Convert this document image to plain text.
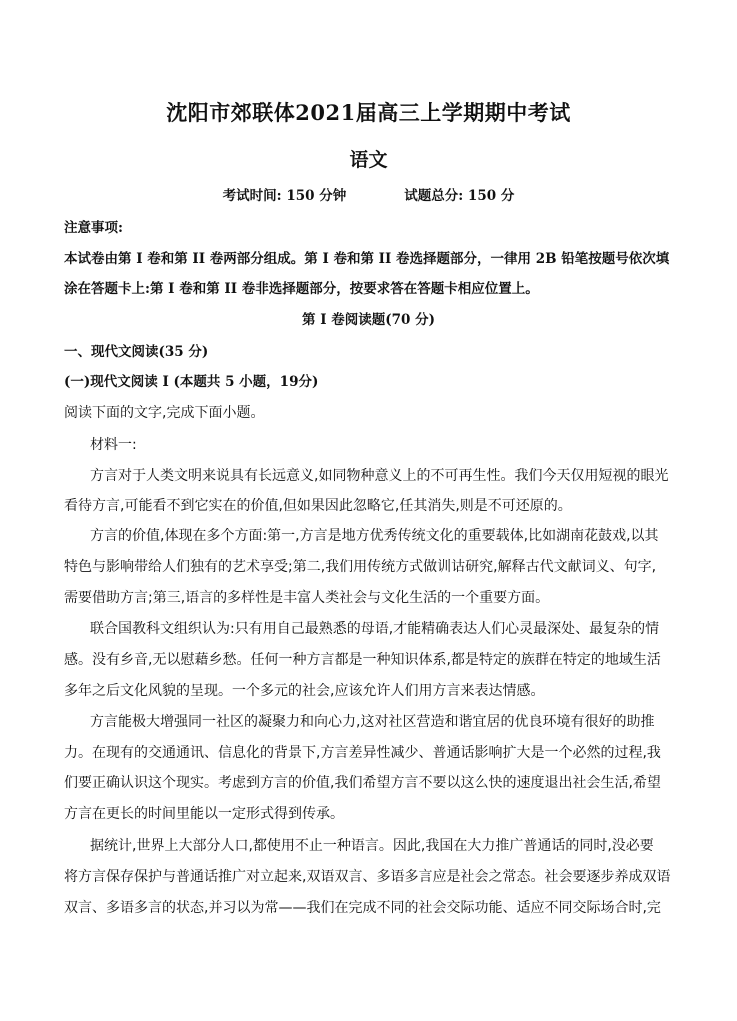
沈阳市郊联体2021届高三上学期期中考试
语文
考试时间: 150 分钟	试题总分: 150 分
注意事项:
本试卷由第 I 卷和第 II 卷两部分组成。第 I 卷和第 II 卷选择题部分，一律用 2B 铅笔按题号依次填
涂在答题卡上:第 I 卷和第 II 卷非选择题部分，按要求答在答题卡相应位置上。
第 I 卷阅读题(70 分)
一、现代文阅读(35 分)
(一)现代文阅读 I (本题共 5 小题，19分)
阅读下面的文字,完成下面小题。
材料一:
方言对于人类文明来说具有长远意义,如同物种意义上的不可再生性。我们今天仅用短视的眼光
看待方言,可能看不到它实在的价值,但如果因此忽略它,任其消失,则是不可还原的。
方言的价值,体现在多个方面:第一,方言是地方优秀传统文化的重要载体,比如湖南花鼓戏,以其
特色与影响带给人们独有的艺术享受;第二,我们用传统方式做训诂研究,解释古代文献词义、句字,
需要借助方言;第三,语言的多样性是丰富人类社会与文化生活的一个重要方面。
联合国教科文组织认为:只有用自己最熟悉的母语,才能精确表达人们心灵最深处、最复杂的情
感。没有乡音,无以慰藉乡愁。任何一种方言都是一种知识体系,都是特定的族群在特定的地域生活
多年之后文化风貌的呈现。一个多元的社会,应该允许人们用方言来表达情感。
方言能极大增强同一社区的凝聚力和向心力,这对社区营造和谐宜居的优良环境有很好的助推
力。在现有的交通通讯、信息化的背景下,方言差异性减少、普通话影响扩大是一个必然的过程,我
们要正确认识这个现实。考虑到方言的价值,我们希望方言不要以这么快的速度退出社会生活,希望
方言在更长的时间里能以一定形式得到传承。
据统计,世界上大部分人口,都使用不止一种语言。因此,我国在大力推广普通话的同时,没必要
将方言保存保护与普通话推广对立起来,双语双言、多语多言应是社会之常态。社会要逐步养成双语
双言、多语多言的状态,并习以为常——我们在完成不同的社会交际功能、适应不同交际场合时,完
